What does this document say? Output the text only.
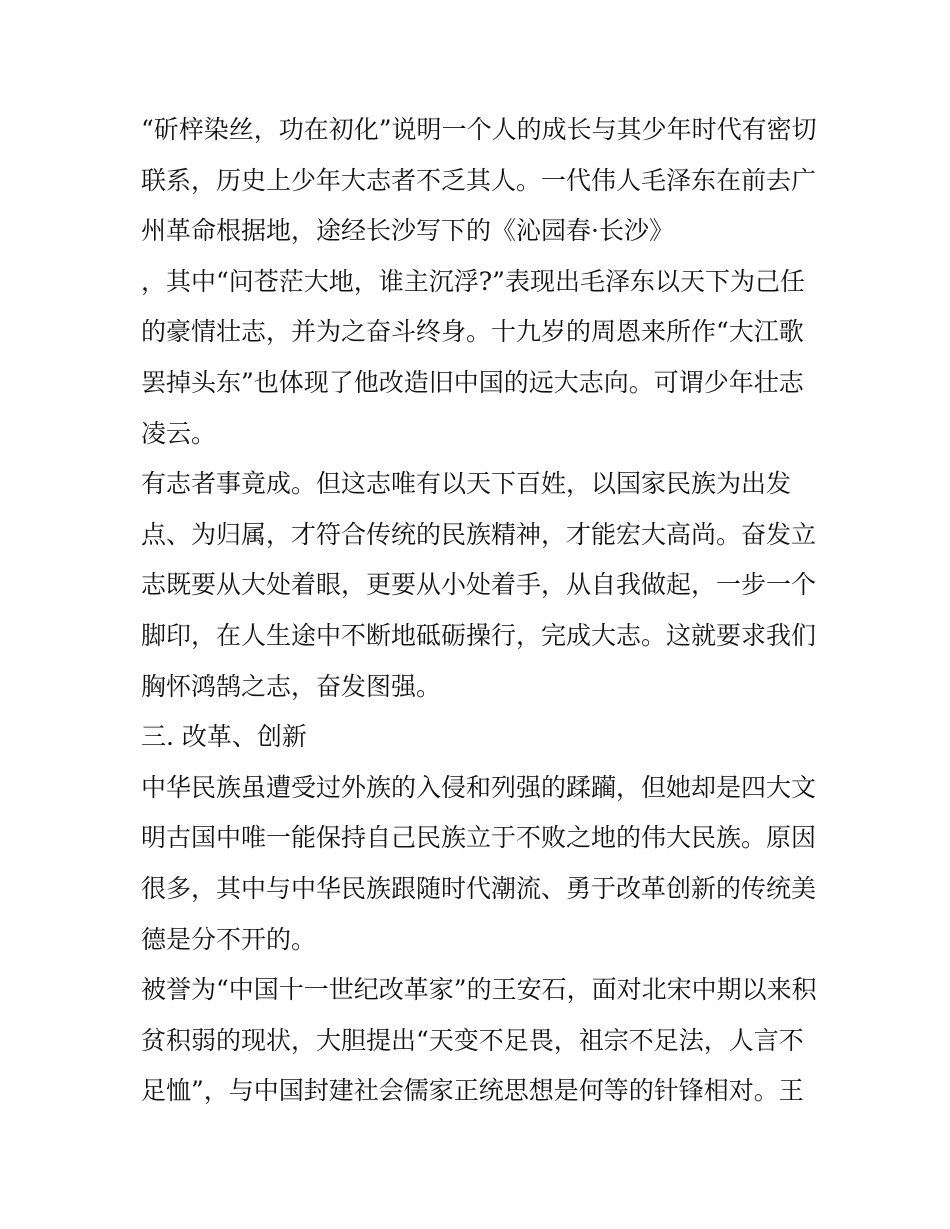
“斫梓染丝，功在初化”说明一个人的成长与其少年时代有密切
联系，历史上少年大志者不乏其人。一代伟人毛泽东在前去广
州革命根据地，途经长沙写下的《沁园春·长沙》
，其中“问苍茫大地，谁主沉浮?”表现出毛泽东以天下为己任
的豪情壮志，并为之奋斗终身。十九岁的周恩来所作“大江歌
罢掉头东”也体现了他改造旧中国的远大志向。可谓少年壮志
凌云。
有志者事竟成。但这志唯有以天下百姓，以国家民族为出发
点、为归属，才符合传统的民族精神，才能宏大高尚。奋发立
志既要从大处着眼，更要从小处着手，从自我做起，一步一个
脚印，在人生途中不断地砥砺操行，完成大志。这就要求我们
胸怀鸿鹄之志，奋发图强。
三. 改革、创新
中华民族虽遭受过外族的入侵和列强的蹂躏，但她却是四大文
明古国中唯一能保持自己民族立于不败之地的伟大民族。原因
很多，其中与中华民族跟随时代潮流、勇于改革创新的传统美
德是分不开的。
被誉为“中国十一世纪改革家”的王安石，面对北宋中期以来积
贫积弱的现状，大胆提出“天变不足畏，祖宗不足法，人言不
足恤”，与中国封建社会儒家正统思想是何等的针锋相对。王
